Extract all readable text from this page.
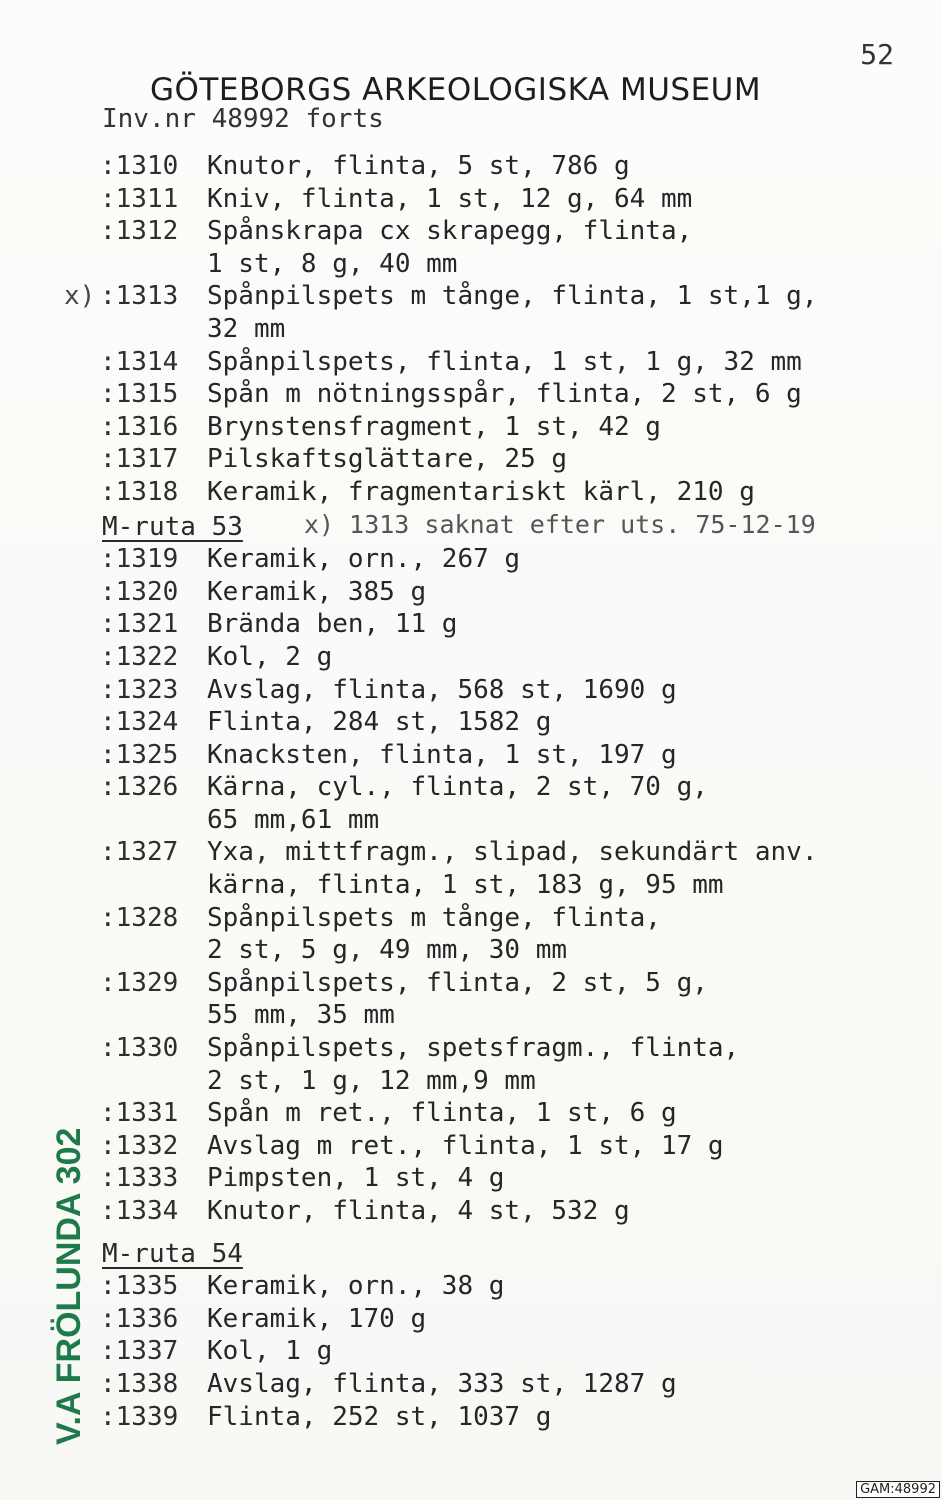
52
GÖTEBORGS ARKEOLOGISKA MUSEUM
Inv.nr 48992 forts
:1310	Knutor, flinta, 5 st, 786 g
:1311	Kniv, flinta, 1 st, 12 g, 64 mm
:1312	Spånskrapa cx skrapegg, flinta,
1 st, 8 g, 40 mm
x) :1313	Spånpilspets m tånge, flinta, 1 st,1 g,
32 mm
:1314	Spånpilspets, flinta, 1 st, 1 g, 32 mm
:1315	Spån m nötningsspår, flinta, 2 st, 6 g
:1316	Brynstensfragment, 1 st, 42 g
:1317	Pilskaftsglättare, 25 g
:1318	Keramik, fragmentariskt kärl, 210 g
M-ruta 53
:1319	Keramik, orn., 267 g
:1320	Keramik, 385 g
:1321	Brända ben, 11 g
:1322	Kol, 2 g
:1323	Avslag, flinta, 568 st, 1690 g
:1324	Flinta, 284 st, 1582 g
:1325	Knacksten, flinta, 1 st, 197 g
:1326	Kärna, cyl., flinta, 2 st, 70 g,
65 mm,61 mm
:1327	Yxa, mittfragm., slipad, sekundärt anv.
kärna, flinta, 1 st, 183 g, 95 mm
:1328	Spånpilspets m tånge, flinta,
2 st, 5 g, 49 mm, 30 mm
:1329	Spånpilspets, flinta, 2 st, 5 g,
55 mm, 35 mm
:1330	Spånpilspets, spetsfragm., flinta,
2 st, 1 g, 12 mm,9 mm
:1331	Spån m ret., flinta, 1 st, 6 g
:1332	Avslag m ret., flinta, 1 st, 17 g
:1333	Pimpsten, 1 st, 4 g
:1334	Knutor, flinta, 4 st, 532 g
M-ruta 54
:1335	Keramik, orn., 38 g
:1336	Keramik, 170 g
:1337	Kol, 1 g
:1338	Avslag, flinta, 333 st, 1287 g
:1339	Flinta, 252 st, 1037 g
x) 1313 saknat efter uts. 75-12-19
V.A FRÖLUNDA 302
GAM:48992
